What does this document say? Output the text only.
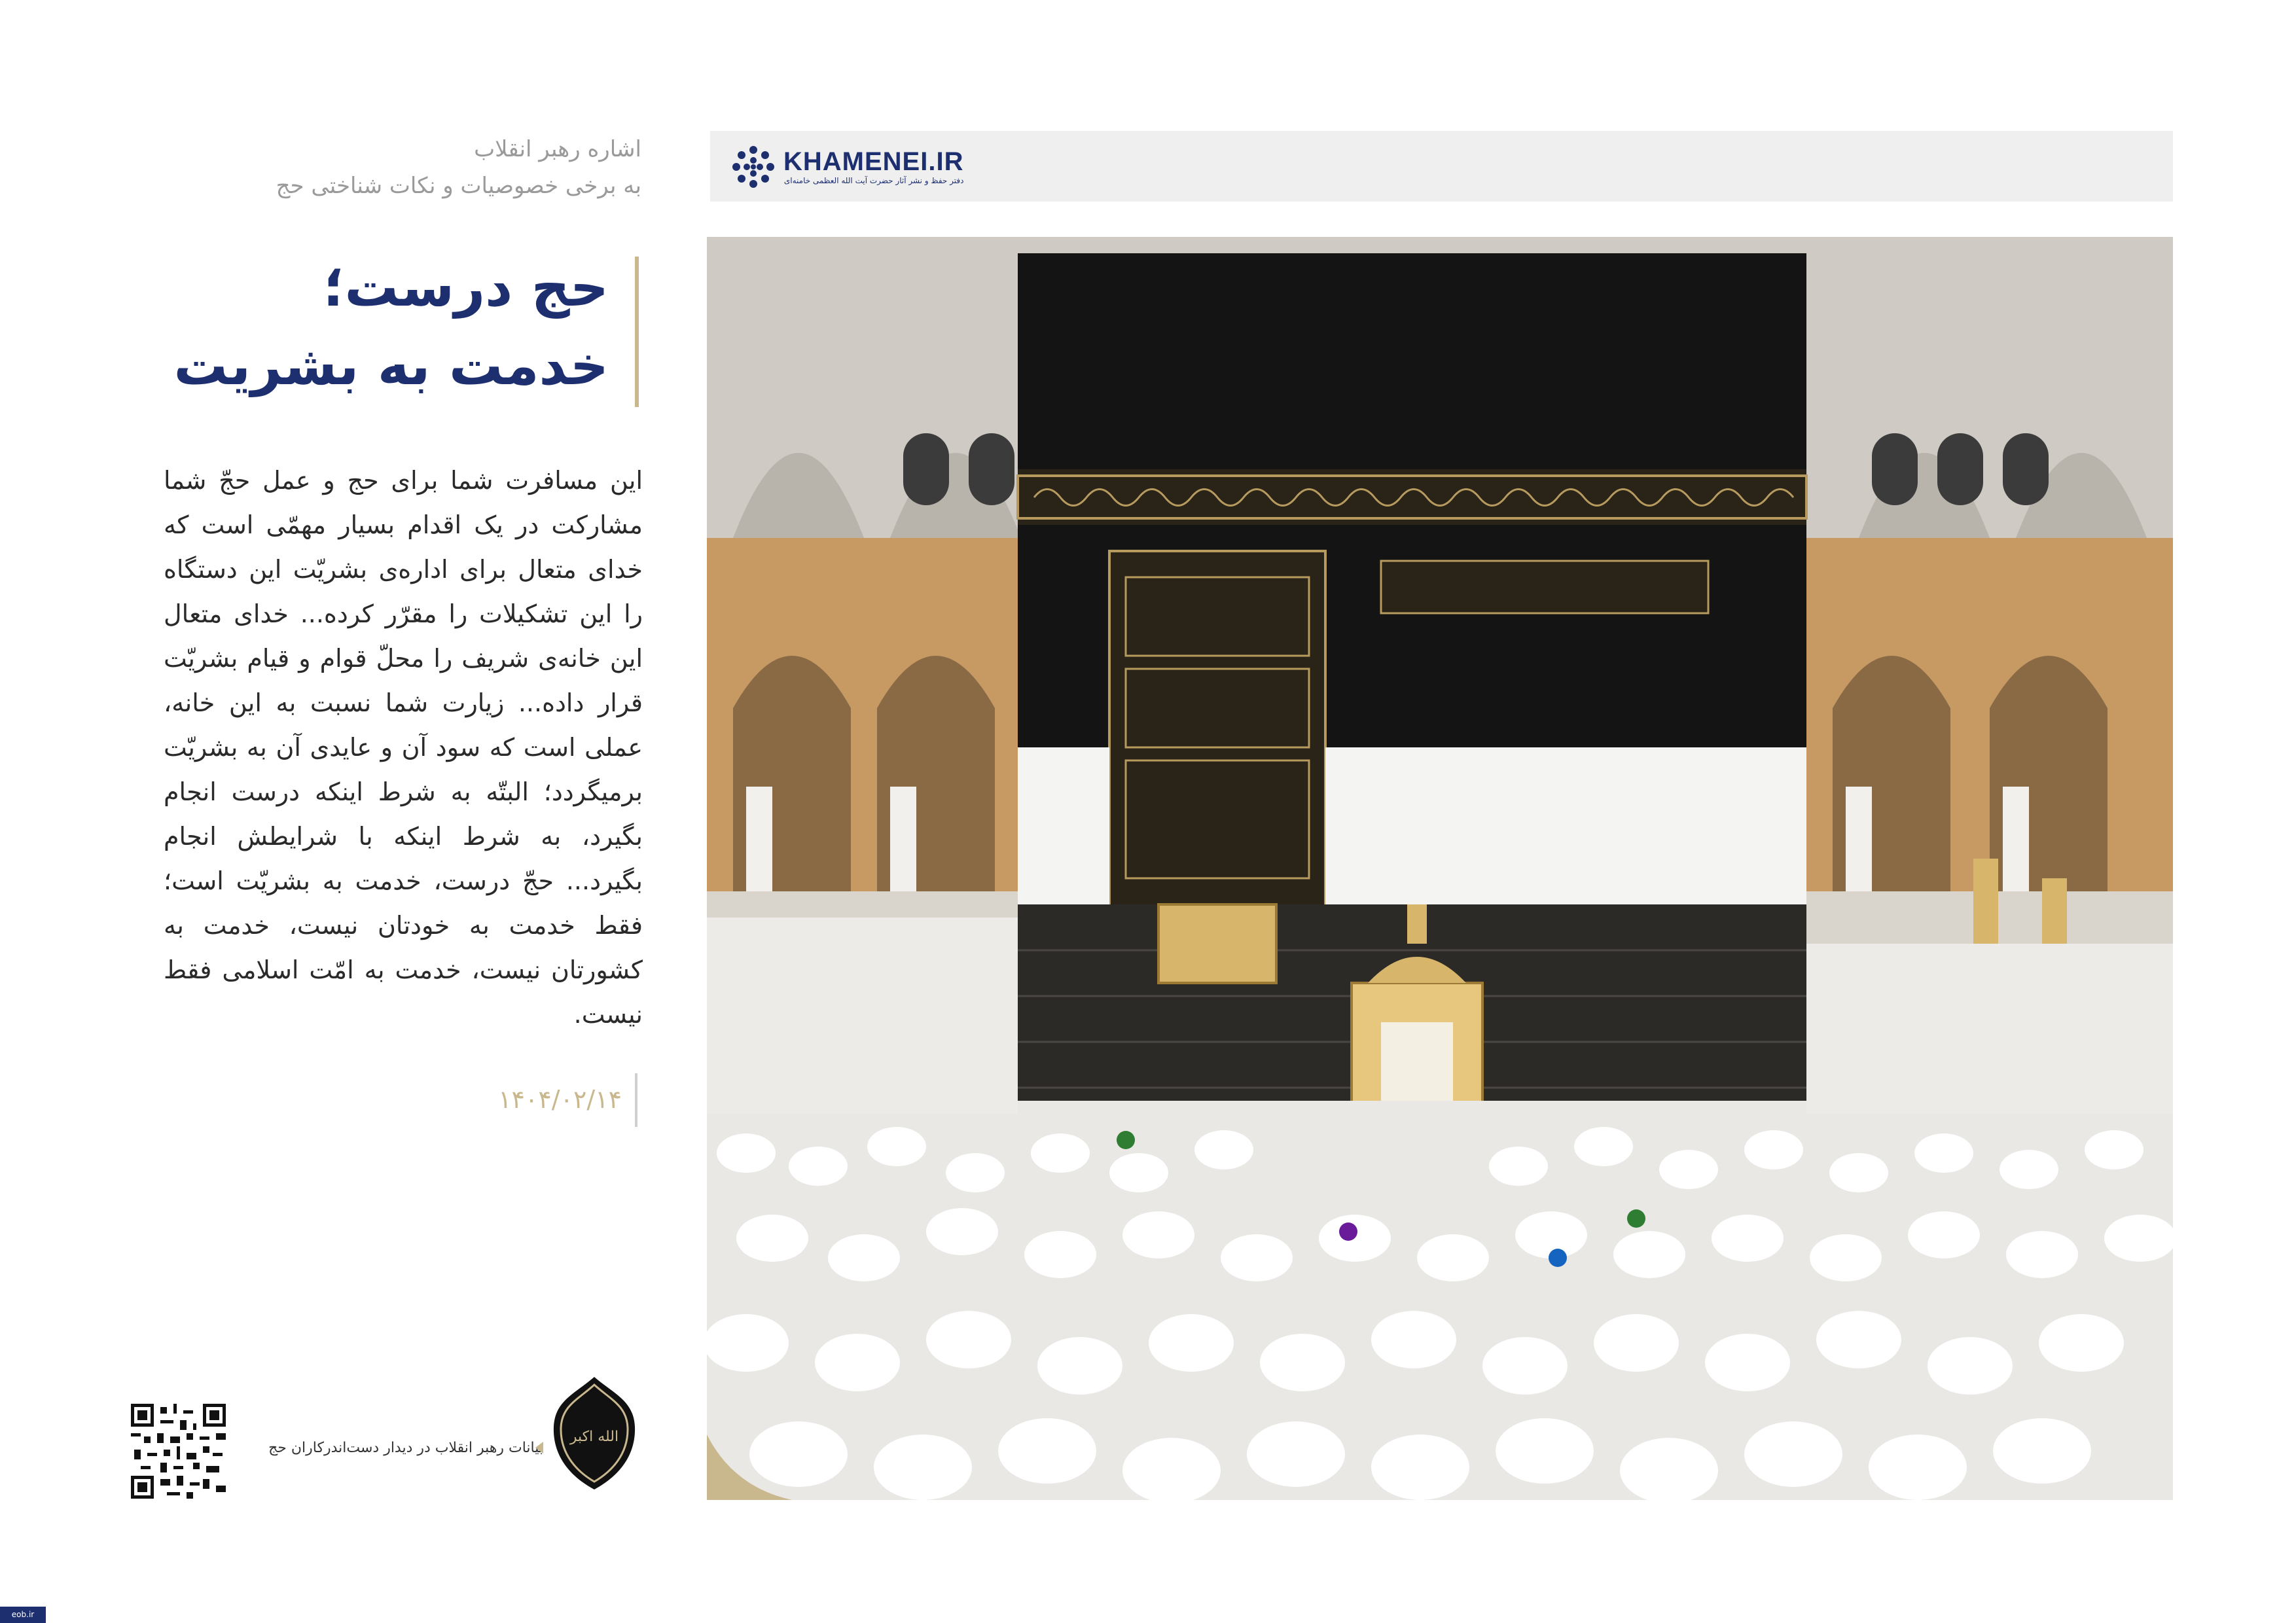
KHAMENEI.IR
دفتر حفظ و نشر آثار حضرت آیت الله العظمی خامنه‌ای
اشاره رهبر انقلاب
به برخی خصوصیات و نکات شناختی حج
حج درست؛
خدمت به بشریت
این مسافرت شما برای حج و عمل حجّ شما مشارکت در یک اقدام بسیار مهمّی است که خدای متعال برای اداره‌ی بشریّت این دستگاه را این تشکیلات را مقرّر کرده... خدای متعال این خانه‌ی شریف را محلّ قوام و قیام بشریّت قرار داده... زیارت شما نسبت به این خانه، عملی است که سود آن و عایدی آن به بشریّت برمیگردد؛ البتّه به شرط اینکه درست انجام بگیرد، به شرط اینکه با شرایطش انجام بگیرد... حجّ درست، خدمت به بشریّت است؛ فقط خدمت به خودتان نیست، خدمت به کشورتان نیست، خدمت به امّت اسلامی فقط نیست.
۱۴۰۴/۰۲/۱۴
بیانات رهبر انقلاب در دیدار دست‌اندرکاران حج
الله اکبر
eob.ir
